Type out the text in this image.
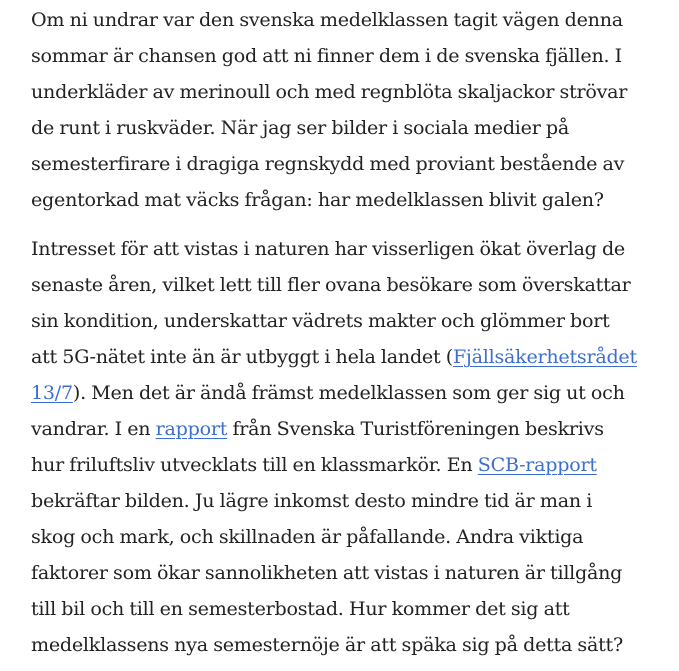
Om ni undrar var den svenska medelklassen tagit vägen denna
sommar är chansen god att ni finner dem i de svenska fjällen. I
underkläder av merinoull och med regnblöta skaljackor strövar
de runt i ruskväder. När jag ser bilder i sociala medier på
semesterfirare i dragiga regnskydd med proviant bestående av
egentorkad mat väcks frågan: har medelklassen blivit galen?

Intresset för att vistas i naturen har visserligen ökat överlag de
senaste åren, vilket lett till fler ovana besökare som överskattar
sin kondition, underskattar vädrets makter och glömmer bort
att 5G-nätet inte än är utbyggt i hela landet (Fjällsäkerhetsrådet
13/7). Men det är ändå främst medelklassen som ger sig ut och
vandrar. I en rapport från Svenska Turistföreningen beskrivs
hur friluftsliv utvecklats till en klassmarkör. En SCB-rapport
bekräftar bilden. Ju lägre inkomst desto mindre tid är man i
skog och mark, och skillnaden är påfallande. Andra viktiga
faktorer som ökar sannolikheten att vistas i naturen är tillgång
till bil och till en semesterbostad. Hur kommer det sig att
medelklassens nya semesternöje är att späka sig på detta sätt?
